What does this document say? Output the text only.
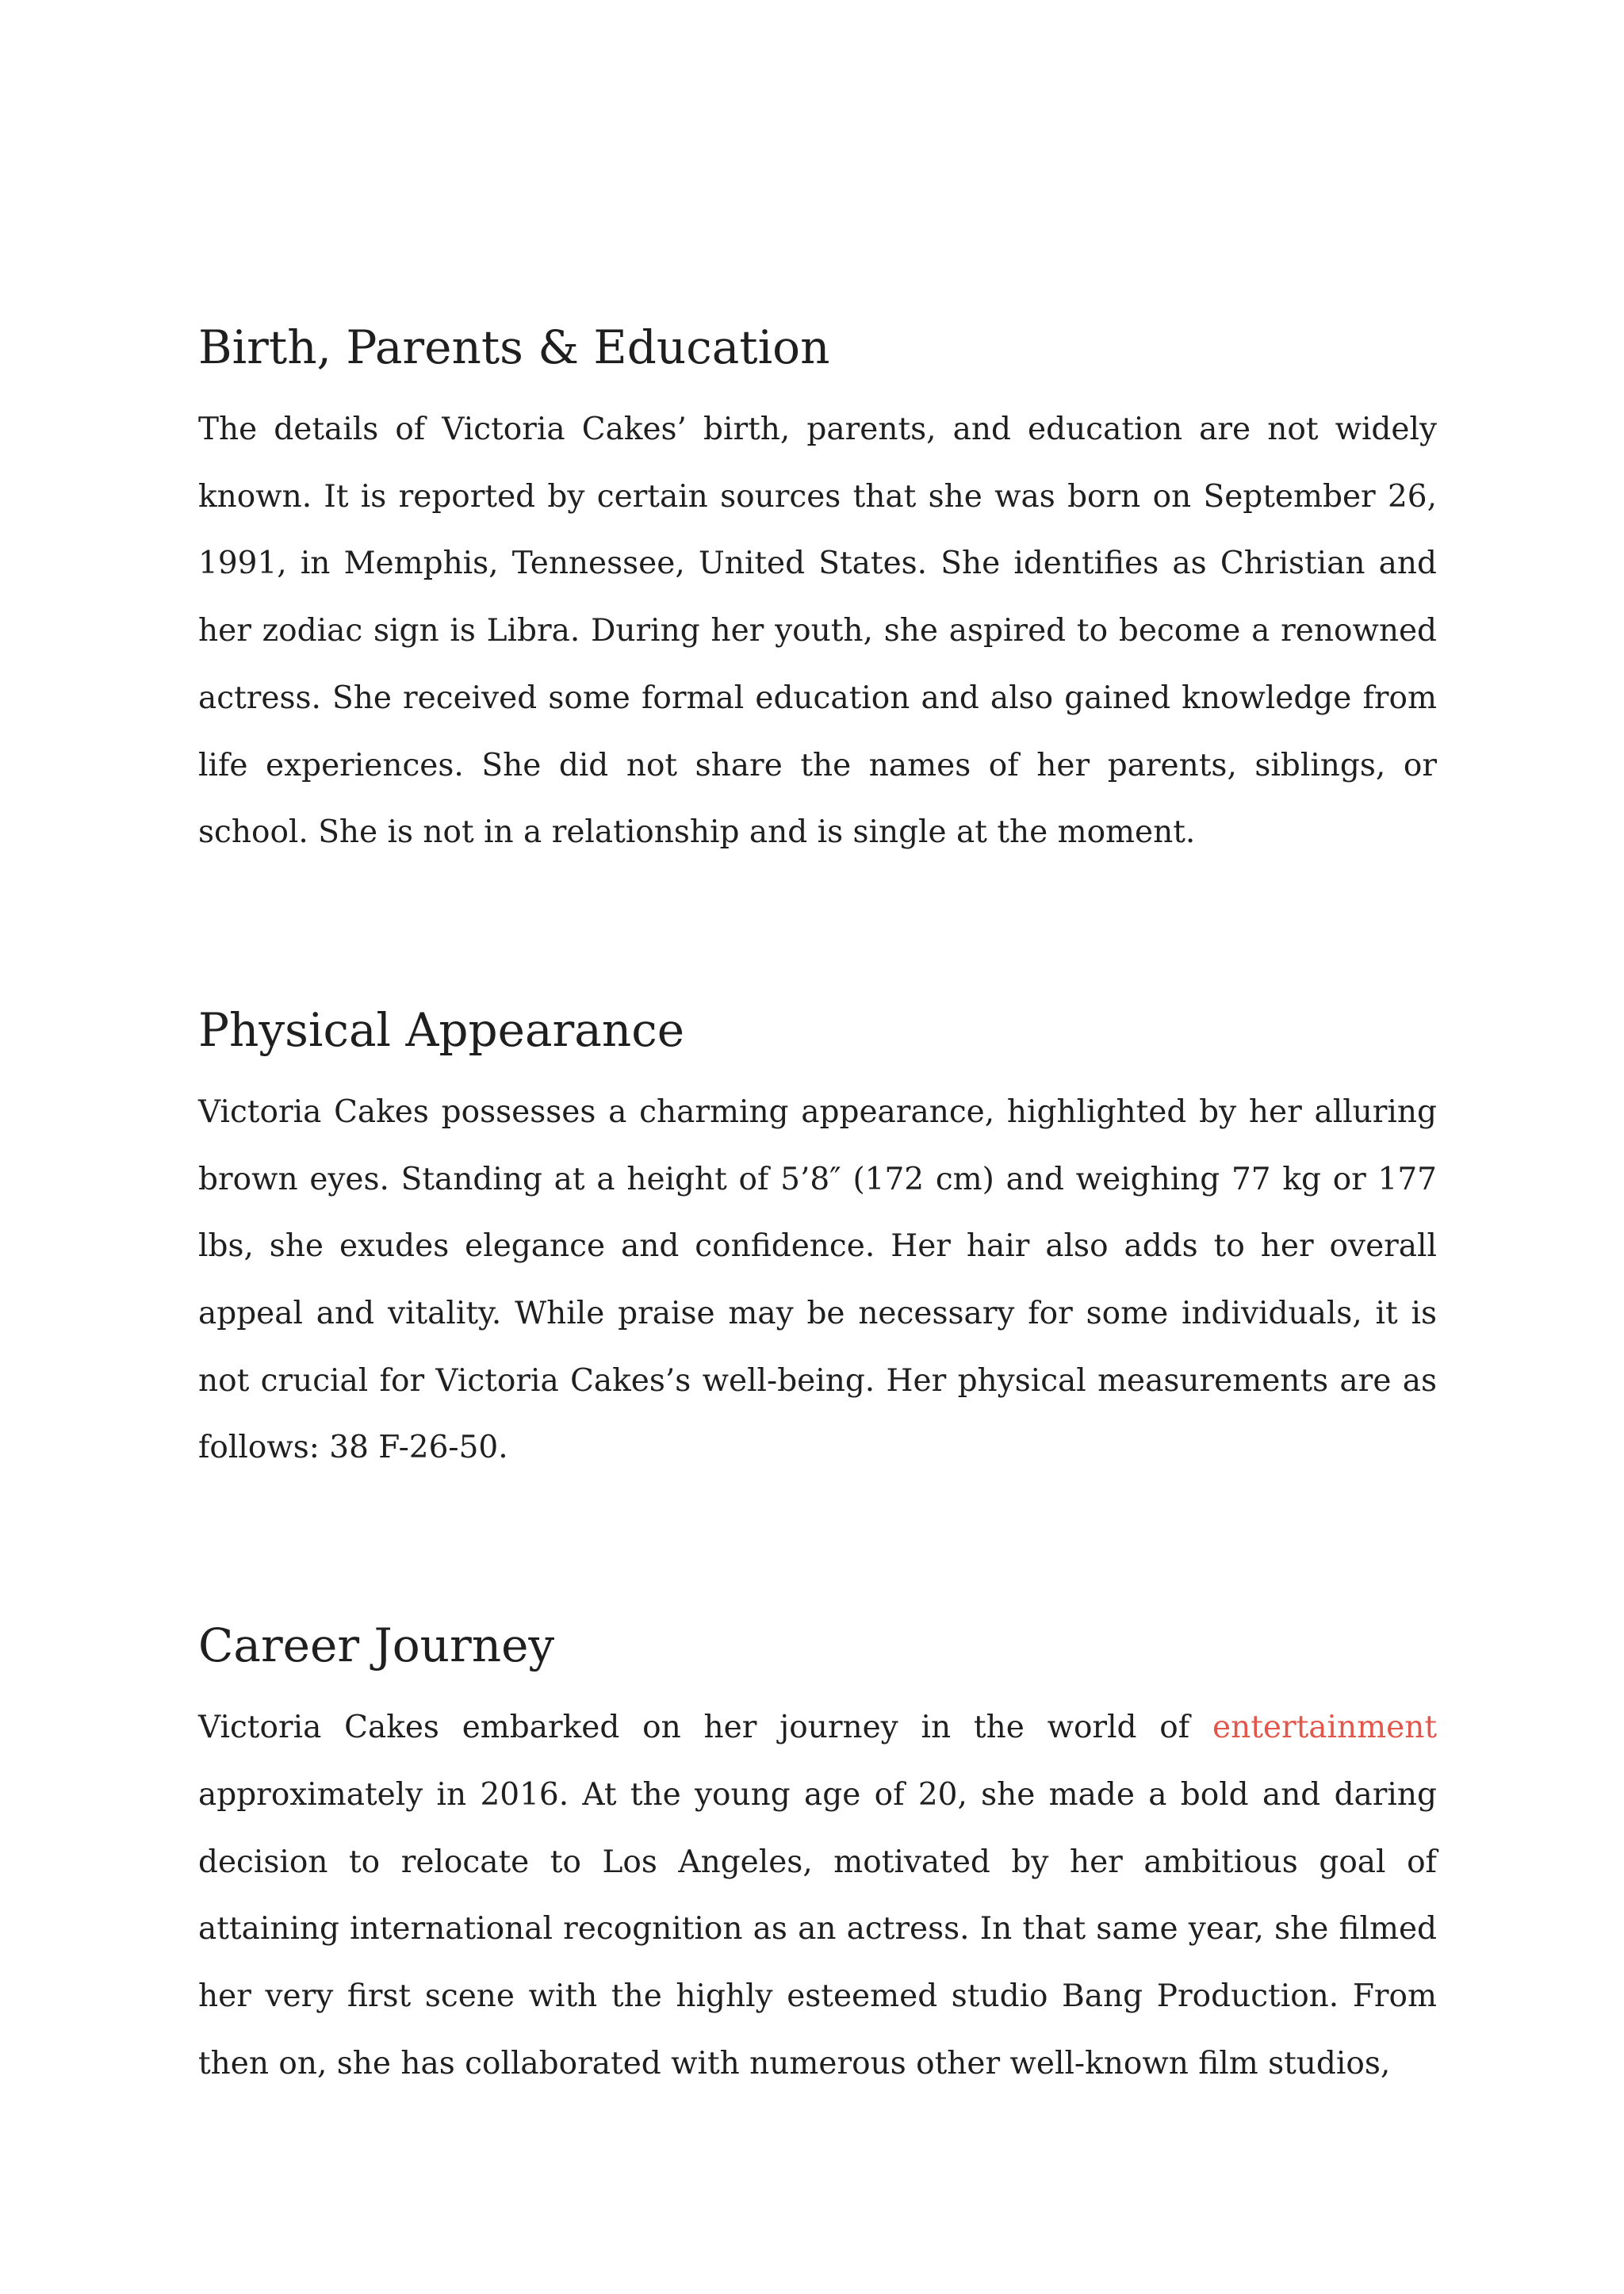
Birth, Parents & Education

The details of Victoria Cakes’ birth, parents, and education are not widely known. It is reported by certain sources that she was born on September 26, 1991, in Memphis, Tennessee, United States. She identifies as Christian and her zodiac sign is Libra. During her youth, she aspired to become a renowned actress. She received some formal education and also gained knowledge from life experiences. She did not share the names of her parents, siblings, or school. She is not in a relationship and is single at the moment.

Physical Appearance

Victoria Cakes possesses a charming appearance, highlighted by her alluring brown eyes. Standing at a height of 5’8″ (172 cm) and weighing 77 kg or 177 lbs, she exudes elegance and confidence. Her hair also adds to her overall appeal and vitality. While praise may be necessary for some individuals, it is not crucial for Victoria Cakes’s well-being. Her physical measurements are as follows: 38 F-26-50.

Career Journey

Victoria Cakes embarked on her journey in the world of entertainment approximately in 2016. At the young age of 20, she made a bold and daring decision to relocate to Los Angeles, motivated by her ambitious goal of attaining international recognition as an actress. In that same year, she filmed her very first scene with the highly esteemed studio Bang Production. From then on, she has collaborated with numerous other well-known film studios,
